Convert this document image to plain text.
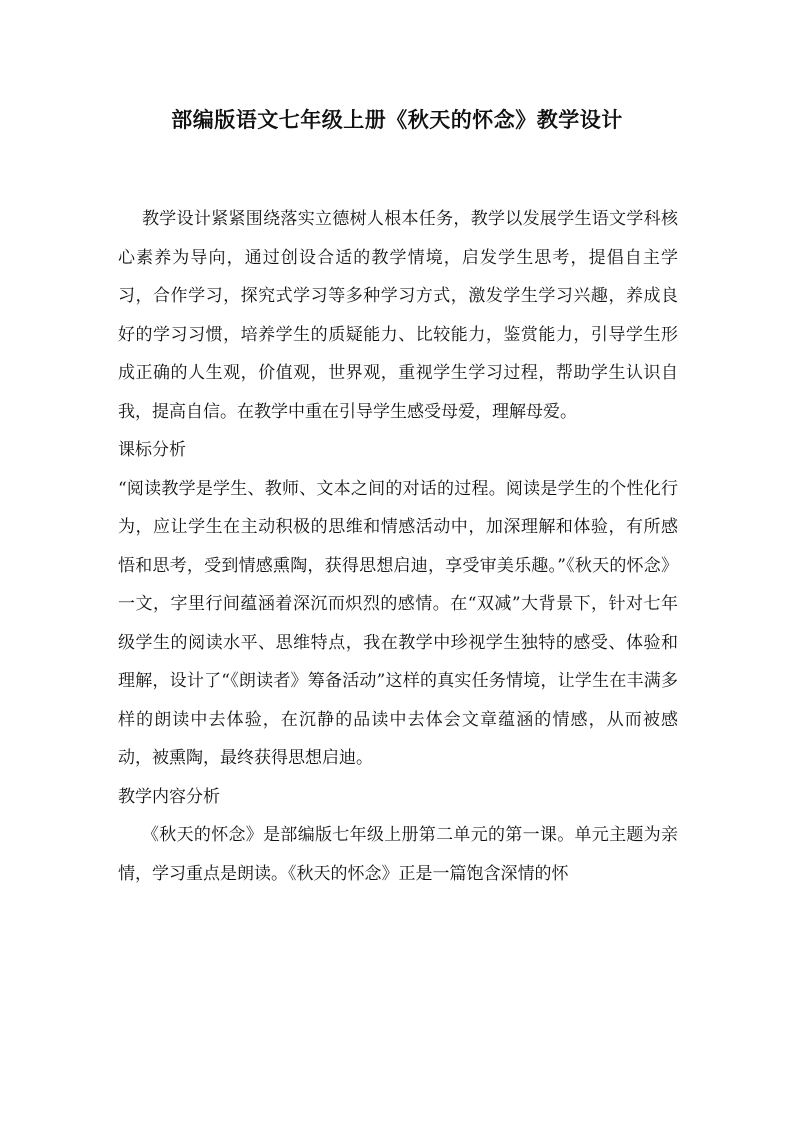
部编版语文七年级上册《秋天的怀念》教学设计

教学设计紧紧围绕落实立德树人根本任务，教学以发展学生语文学科核心素养为导向，通过创设合适的教学情境，启发学生思考，提倡自主学习，合作学习，探究式学习等多种学习方式，激发学生学习兴趣，养成良好的学习习惯，培养学生的质疑能力、比较能力，鉴赏能力，引导学生形成正确的人生观，价值观，世界观，重视学生学习过程，帮助学生认识自我，提高自信。在教学中重在引导学生感受母爱，理解母爱。

课标分析

“阅读教学是学生、教师、文本之间的对话的过程。阅读是学生的个性化行为，应让学生在主动积极的思维和情感活动中，加深理解和体验，有所感悟和思考，受到情感熏陶，获得思想启迪，享受审美乐趣。”《秋天的怀念》一文，字里行间蕴涵着深沉而炽烈的感情。在“双减”大背景下，针对七年级学生的阅读水平、思维特点，我在教学中珍视学生独特的感受、体验和理解，设计了“《朗读者》筹备活动”这样的真实任务情境，让学生在丰满多样的朗读中去体验，在沉静的品读中去体会文章蕴涵的情感，从而被感动，被熏陶，最终获得思想启迪。

教学内容分析

《秋天的怀念》是部编版七年级上册第二单元的第一课。单元主题为亲情，学习重点是朗读。《秋天的怀念》正是一篇饱含深情的怀
